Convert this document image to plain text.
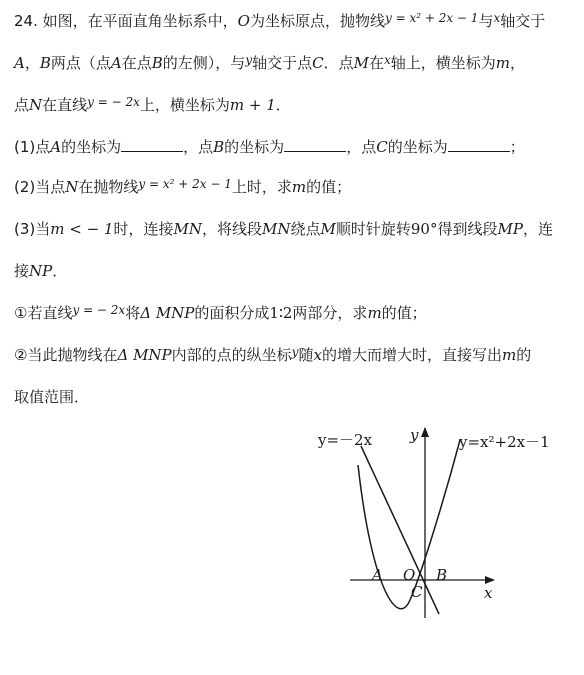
24. 如图，在平面直角坐标系中，O为坐标原点，抛物线$^{y = x^2 + 2x - 1}$与$^x$轴交于
A，B两点（点A在点B的左侧），与$^y$轴交于点C．点M在$^x$轴上，横坐标为m，
点N在直线$^{y = - 2x}$上，横坐标为m + 1．
(1)点A的坐标为	，点B的坐标为	，点C的坐标为	；
(2)当点N在抛物线$^{y = x^2 + 2x - 1}$上时，求m的值；
(3)当m < − 1时，连接MN，将线段MN绕点M顺时针旋转90°得到线段MP，连
接NP．
①若直线$^{y = - 2x}$将Δ MNP的面积分成1∶2两部分，求m的值；
②当此抛物线在Δ MNP内部的点的纵坐标$^y$随x的增大而增大时，直接写出m的
取值范围．
y=－2x	y=x²+2x－1
y
x
A O B
C
